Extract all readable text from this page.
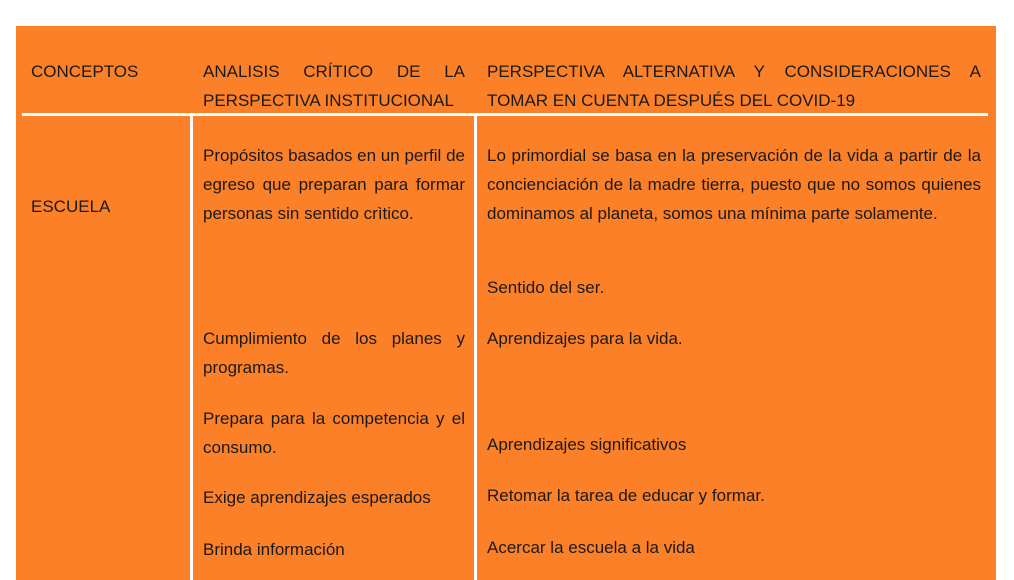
CONCEPTOS	ANALISIS CRÍTICO DE LA PERSPECTIVA INSTITUCIONAL
PERSPECTIVA ALTERNATIVA Y CONSIDERACIONES A TOMAR EN CUENTA DESPUÉS DEL COVID-19
ESCUELA

Propósitos basados en un perfil de egreso que preparan para formar personas sin sentido crìtico.

Cumplimiento de los planes y programas.

Prepara para la competencia y el consumo.

Exige aprendizajes esperados

Brinda información

Lo primordial se basa en la preservación de la vida a partir de la concienciación de la madre tierra, puesto que no somos quienes dominamos al planeta, somos una mínima parte solamente.

Sentido del ser.

Aprendizajes para la vida.

Aprendizajes significativos

Retomar la tarea de educar y formar.

Acercar la escuela a la vida
